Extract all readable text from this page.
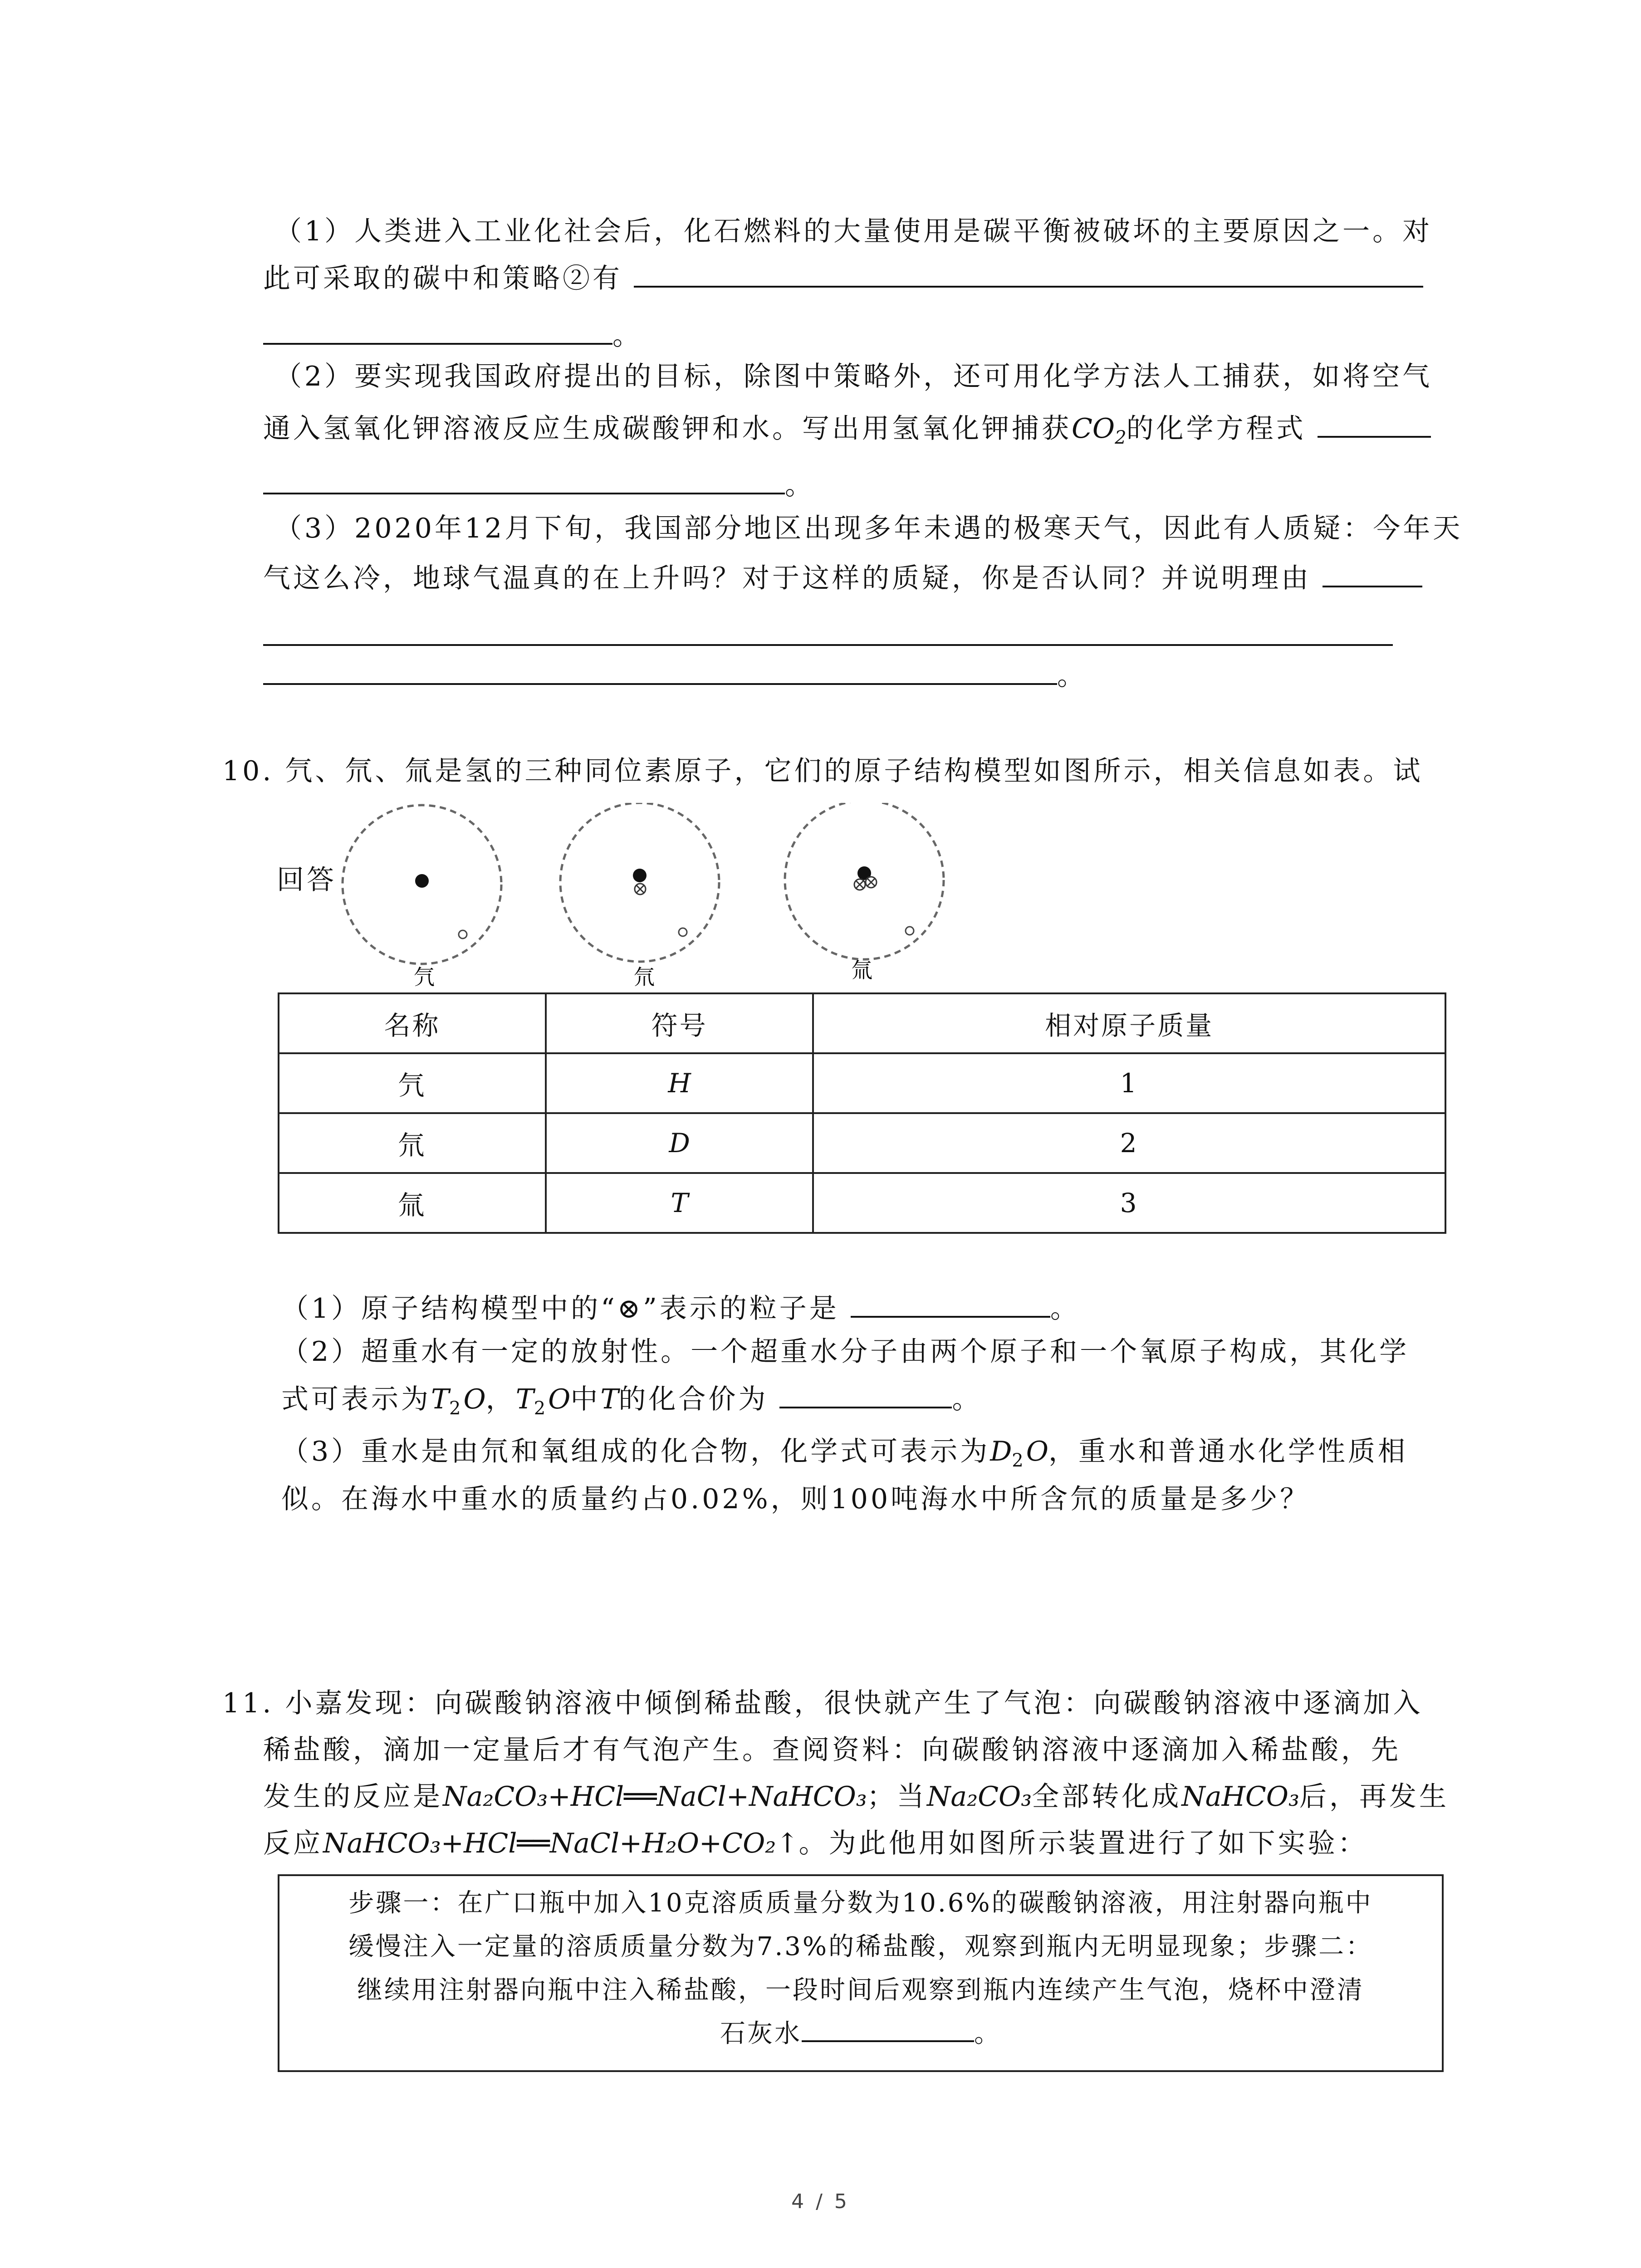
（1）人类进入工业化社会后，化石燃料的大量使用是碳平衡被破坏的主要原因之一。对
此可采取的碳中和策略②有
。
（2）要实现我国政府提出的目标，除图中策略外，还可用化学方法人工捕获，如将空气
通入氢氧化钾溶液反应生成碳酸钾和水。写出用氢氧化钾捕获$CO_2$的化学方程式
。
（3）2020年12月下旬，我国部分地区出现多年未遇的极寒天气，因此有人质疑：今年天
气这么冷，地球气温真的在上升吗？对于这样的质疑，你是否认同？并说明理由
。
10. 氕、氘、氚是氢的三种同位素原子，它们的原子结构模型如图所示，相关信息如表。试
回答
氕	氘	氚
名称	符号	相对原子质量
氕	H	1
氘	D	2
氚	T	3
（1）原子结构模型中的“⊗”表示的粒子是	。
（2）超重水有一定的放射性。一个超重水分子由两个原子和一个氧原子构成，其化学
式可表示为$T_2O$，$T_2O$中T的化合价为	。
（3）重水是由氘和氧组成的化合物，化学式可表示为$D_2O$，重水和普通水化学性质相
似。在海水中重水的质量约占0.02%，则100吨海水中所含氘的质量是多少？
11. 小嘉发现：向碳酸钠溶液中倾倒稀盐酸，很快就产生了气泡：向碳酸钠溶液中逐滴加入
稀盐酸，滴加一定量后才有气泡产生。查阅资料：向碳酸钠溶液中逐滴加入稀盐酸，先
发生的反应是Na₂CO₃+HCl══NaCl+NaHCO₃；当Na₂CO₃全部转化成NaHCO₃后，再发生
反应NaHCO₃+HCl══NaCl+H₂O+CO₂↑。为此他用如图所示装置进行了如下实验：
步骤一：在广口瓶中加入10克溶质质量分数为10.6%的碳酸钠溶液，用注射器向瓶中
缓慢注入一定量的溶质质量分数为7.3%的稀盐酸，观察到瓶内无明显现象；步骤二：
继续用注射器向瓶中注入稀盐酸，一段时间后观察到瓶内连续产生气泡，烧杯中澄清
石灰水	。
4 / 5
